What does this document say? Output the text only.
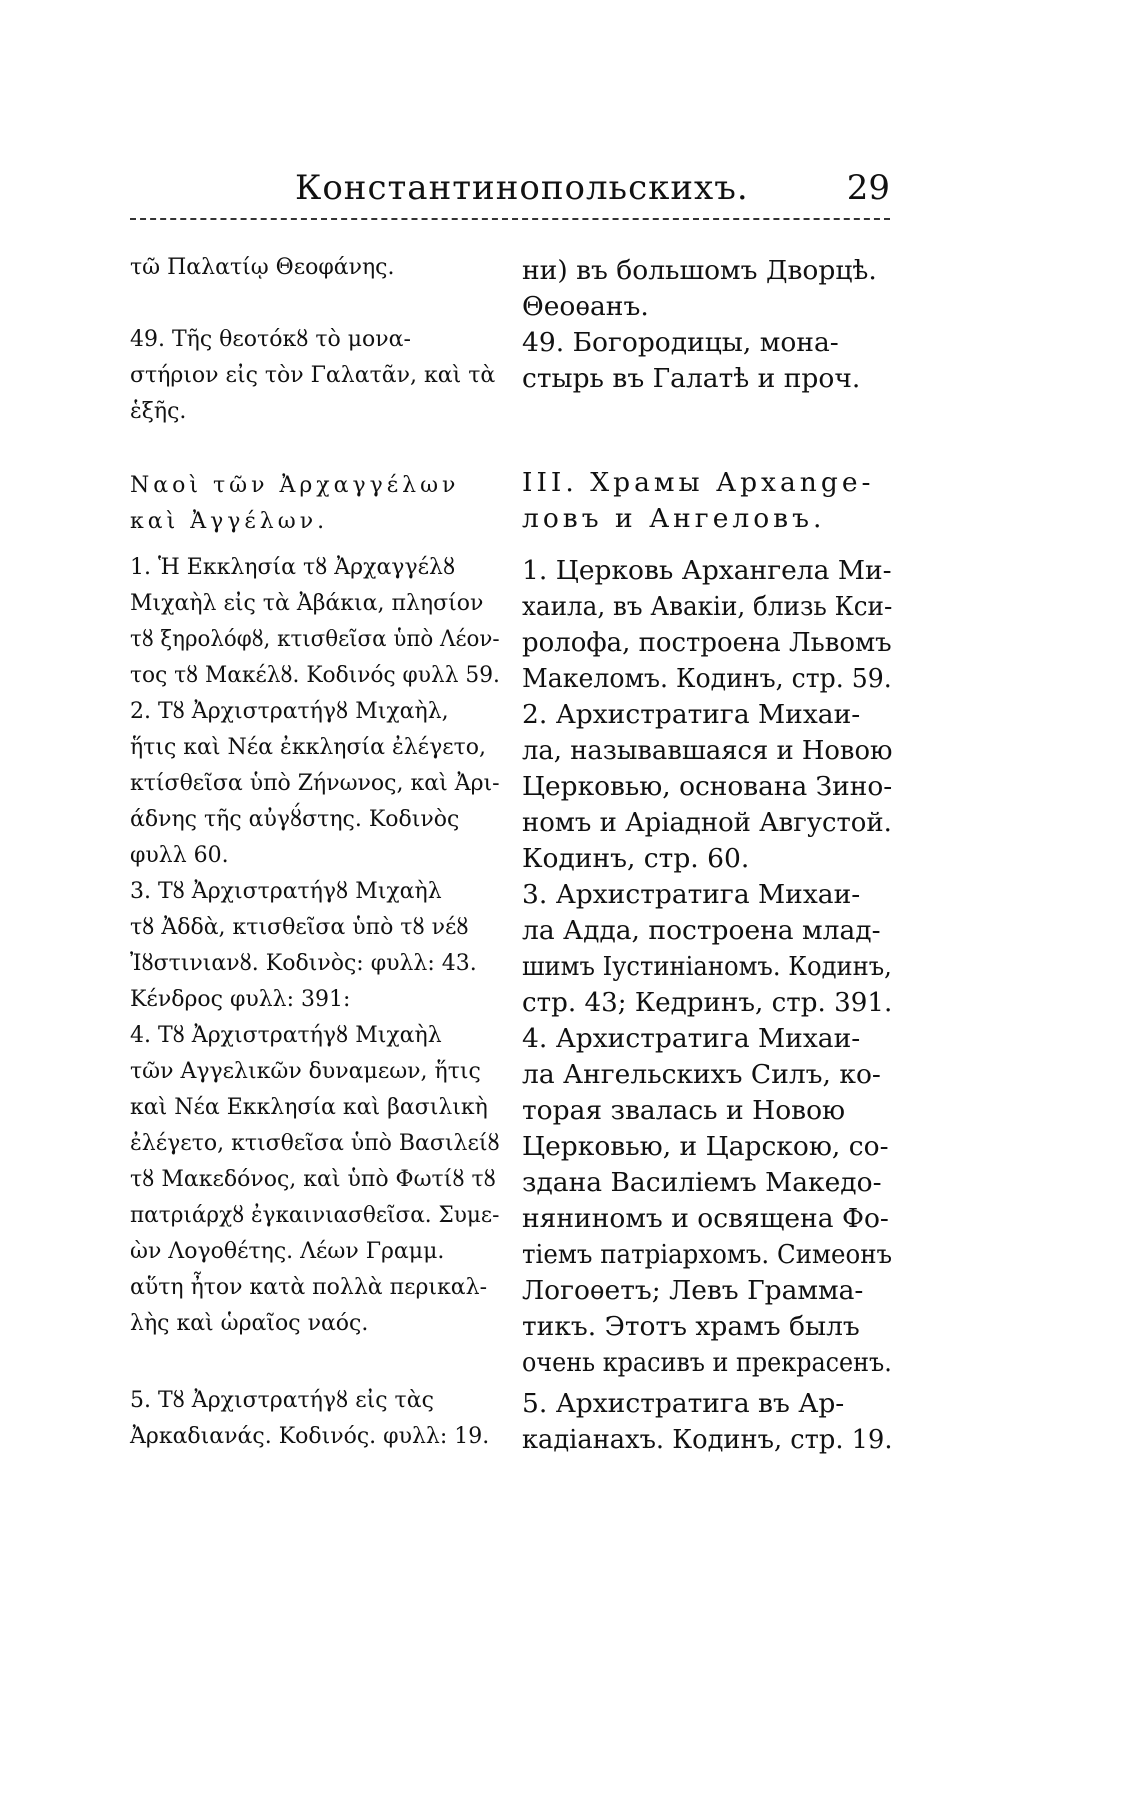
Константинопольскихъ.	29
τῶ Παλατίῳ Θεοφάνης.
49. Τῆς θεοτόκȣ τὸ μονα-
στήριον εἰς τὸν Γαλατᾶν, καὶ τὰ
ἑξῆς.
Ναοὶ τῶν Ἀρχαγγέλων
καὶ Ἀγγέλων.
1. Ἡ Εκκλησία τȣ Ἀρχαγγέλȣ
Μιχαὴλ εἰς τὰ Ἀβάκια, πλησίον
τȣ ξηρολόφȣ, κτισθεῖσα ὑπὸ Λέον-
τος τȣ Μακέλȣ. Κοδινός φυλλ 59.
2. Τȣ Ἀρχιστρατήγȣ Μιχαὴλ,
ἥτις καὶ Νέα ἐκκλησία ἐλέγετο,
κτίσθεῖσα ὑπὸ Ζήνωνος, καὶ Ἀρι-
άδνης τῆς αὐγȣ́στης. Κοδινὸς
φυλλ 60.
3. Τȣ Ἀρχιστρατήγȣ Μιχαὴλ
τȣ Ἀδδὰ, κτισθεῖσα ὑπὸ τȣ νέȣ
Ἰȣστινιανȣ. Κοδινὸς: φυλλ: 43.
Κένδρος φυλλ: 391:
4. Τȣ Ἀρχιστρατήγȣ Μιχαὴλ
τῶν Αγγελικῶν δυναμεων, ἥτις
καὶ Νέα Εκκλησία καὶ βασιλικὴ
ἐλέγετο, κτισθεῖσα ὑπὸ Βασιλείȣ
τȣ Μακεδόνος, καὶ ὑπὸ Φωτίȣ τȣ
πατριάρχȣ ἐγκαινιασθεῖσα. Συμε-
ὼν Λογοθέτης. Λέων Γραμμ.
αὕτη ἦτον κατὰ πολλὰ περικαλ-
λὴς καὶ ὡραῖος ναός.
5. Τȣ Ἀρχιστρατήγȣ εἰς τὰς
Ἀρκαδιανάς. Κοδινός. φυλλ: 19.
ни) въ большомъ Дворцѣ.
Θеоѳанъ.
49. Богородицы, мона-
стырь въ Галатѣ и проч.
III. Храмы Архange-
ловъ и Ангеловъ.
1. Церковь Архангела Ми-
хаила, въ Авакіи, близь Кси-
ролофа, построена Львомъ
Макеломъ. Кодинъ, стр. 59.
2. Архистратига Михаи-
ла, называвшаяся и Новою
Церковью, основана Зино-
номъ и Аріадной Августой.
Кодинъ, стр. 60.
3. Архистратига Михаи-
ла Адда, построена млад-
шимъ Іустиніаномъ. Кодинъ,
стр. 43; Кедринъ, стр. 391.
4. Архистратига Михаи-
ла Ангельскихъ Силъ, ко-
торая звалась и Новою
Церковью, и Царскою, со-
здана Василіемъ Македо-
няниномъ и освящена Фо-
тіемъ патріархомъ. Симеонъ
Логоѳетъ; Левъ Граммa-
тикъ. Этотъ храмъ былъ
очень красивъ и прекрасенъ.
5. Архистратига въ Ар-
кадіанахъ. Кодинъ, стр. 19.
